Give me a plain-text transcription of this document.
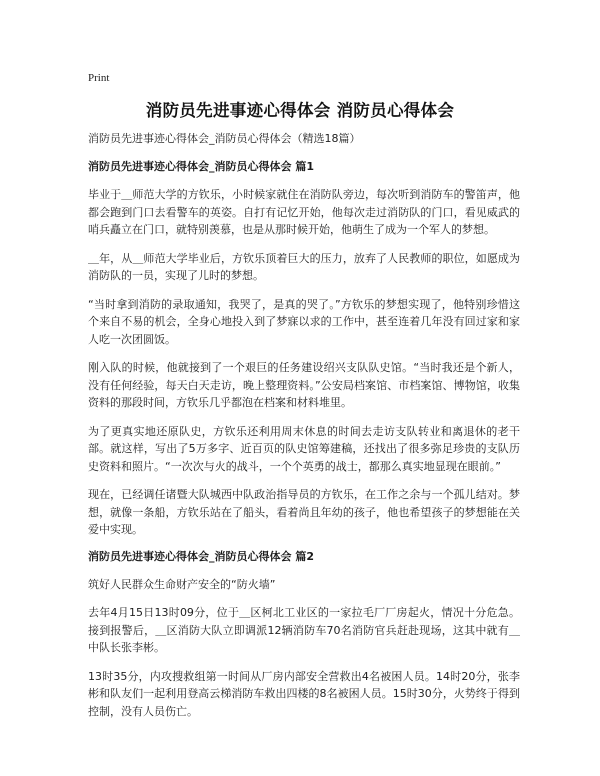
Print
消防员先进事迹心得体会 消防员心得体会
消防员先进事迹心得体会_消防员心得体会（精选18篇）
消防员先进事迹心得体会_消防员心得体会 篇1

毕业于＿师范大学的方钦乐，小时候家就住在消防队旁边，每次听到消防车的警笛声，他都会跑到门口去看警车的英姿。自打有记忆开始，他每次走过消防队的门口，看见威武的哨兵矗立在门口，就特别羡慕，也是从那时候开始，他萌生了成为一个军人的梦想。

＿年，从＿师范大学毕业后，方钦乐顶着巨大的压力，放弃了人民教师的职位，如愿成为消防队的一员，实现了儿时的梦想。

“当时拿到消防的录取通知，我哭了，是真的哭了。”方钦乐的梦想实现了，他特别珍惜这个来自不易的机会，全身心地投入到了梦寐以求的工作中，甚至连着几年没有回过家和家人吃一次团圆饭。

刚入队的时候，他就接到了一个艰巨的任务建设绍兴支队队史馆。“当时我还是个新人，没有任何经验，每天白天走访，晚上整理资料。”公安局档案馆、市档案馆、博物馆，收集资料的那段时间，方钦乐几乎都泡在档案和材料堆里。

为了更真实地还原队史，方钦乐还利用周末休息的时间去走访支队转业和离退休的老干部。就这样，写出了5万多字、近百页的队史馆筹建稿，还找出了很多弥足珍贵的支队历史资料和照片。“一次次与火的战斗，一个个英勇的战士，都那么真实地显现在眼前。”

现在，已经调任诸暨大队城西中队政治指导员的方钦乐，在工作之余与一个孤儿结对。梦想，就像一条船，方钦乐站在了船头，看着尚且年幼的孩子，他也希望孩子的梦想能在关爱中实现。

消防员先进事迹心得体会_消防员心得体会 篇2

筑好人民群众生命财产安全的“防火墙”

去年4月15日13时09分，位于＿区柯北工业区的一家拉毛厂厂房起火，情况十分危急。接到报警后，＿区消防大队立即调派12辆消防车70名消防官兵赶赴现场，这其中就有＿中队长张李彬。

13时35分，内攻搜救组第一时间从厂房内部安全营救出4名被困人员。14时20分，张李彬和队友们一起利用登高云梯消防车救出四楼的8名被困人员。15时30分，火势终于得到控制，没有人员伤亡。
